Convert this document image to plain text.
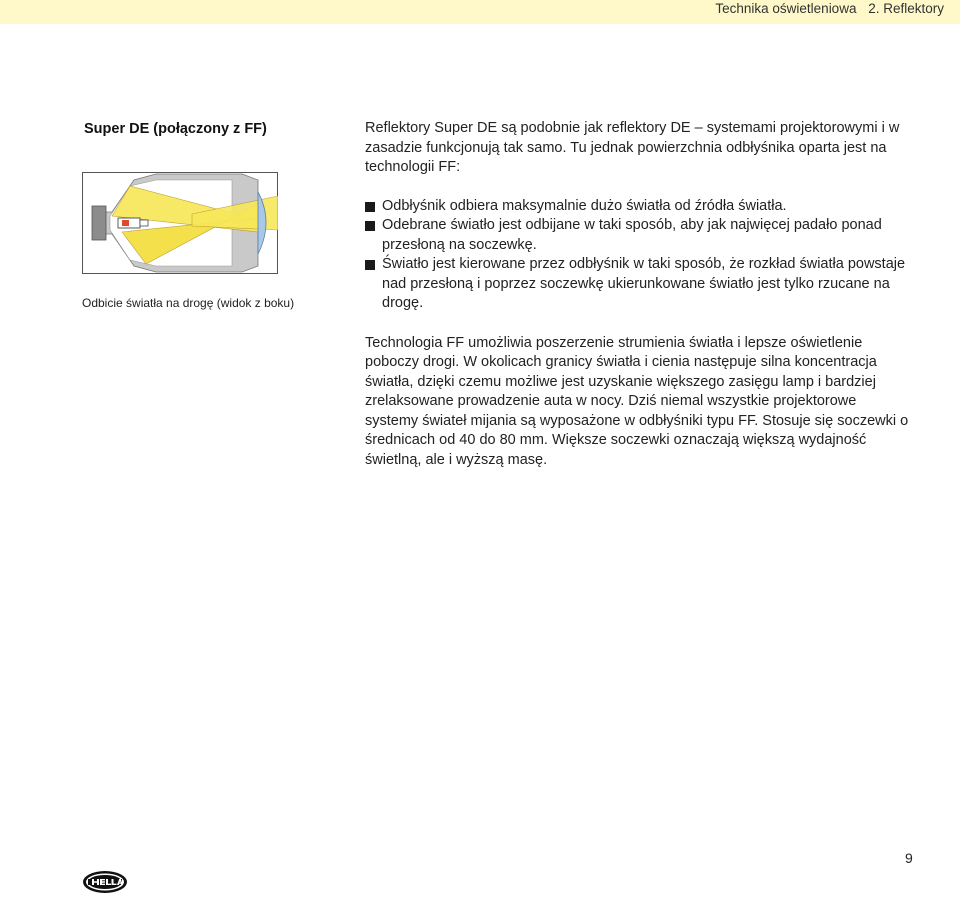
Technika oświetleniowa 2. Reflektory
Super DE (połączony z FF)
Odbicie światła na drogę (widok z boku)

Reflektory Super DE są podobnie jak reflektory DE – systemami projektorowymi i w zasadzie funkcjonują tak samo. Tu jednak powierzchnia odbłyśnika oparta jest na technologii FF:

Odbłyśnik odbiera maksymalnie dużo światła od źródła światła.
Odebrane światło jest odbijane w taki sposób, aby jak najwięcej padało ponad przesłoną na soczewkę.
Światło jest kierowane przez odbłyśnik w taki sposób, że rozkład światła powstaje nad przesłoną i poprzez soczewkę ukierunkowane światło jest tylko rzucane na drogę.

Technologia FF umożliwia poszerzenie strumienia światła i lepsze oświetlenie poboczy drogi. W okolicach granicy światła i cienia następuje silna koncentracja światła, dzięki czemu możliwe jest uzyskanie większego zasięgu lamp i bardziej zrelaksowane prowadzenie auta w nocy. Dziś niemal wszystkie projektorowe systemy świateł mijania są wyposażone w odbłyśniki typu FF. Stosuje się soczewki o średnicach od 40 do 80 mm. Większe soczewki oznaczają większą wydajność świetlną, ale i wyższą masę.

9
